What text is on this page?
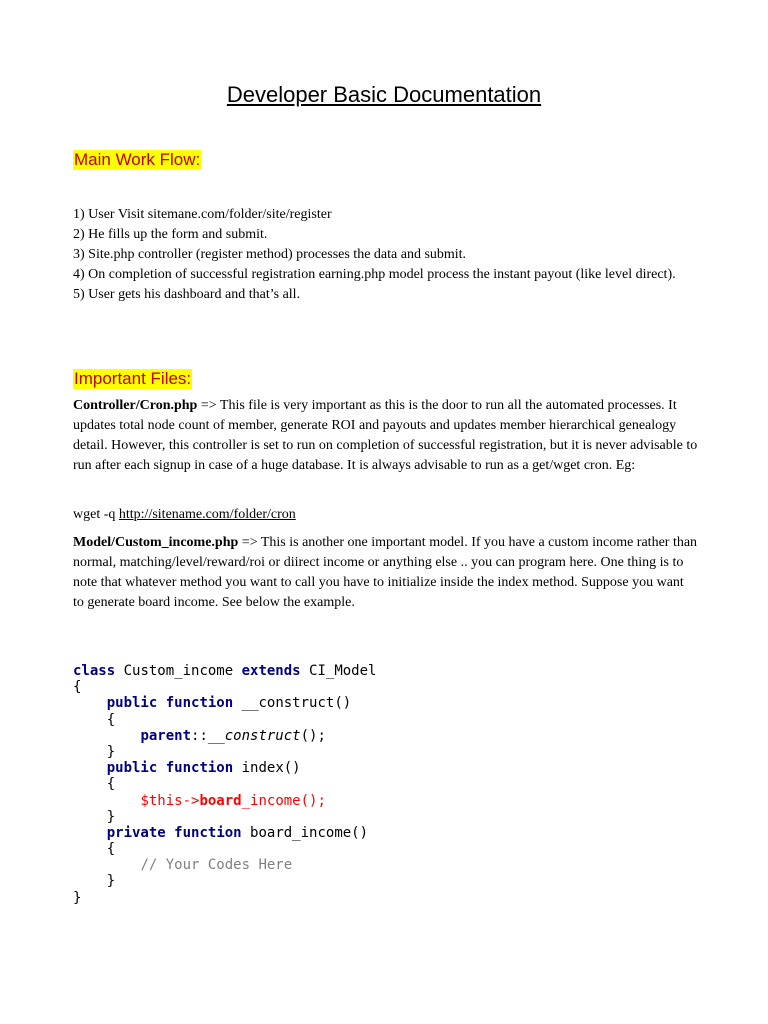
Developer Basic Documentation
Main Work Flow:
1) User Visit sitemane.com/folder/site/register
2) He fills up the form and submit.
3) Site.php controller (register method) processes the data and submit.
4) On completion of successful registration earning.php model process the instant payout (like level direct).
5) User gets his dashboard and that’s all.
Important Files:
Controller/Cron.php => This file is very important as this is the door to run all the automated processes. It updates total node count of member, generate ROI and payouts and updates member hierarchical genealogy detail. However, this controller is set to run on completion of successful registration, but it is never advisable to run after each signup in case of a huge database. It is always advisable to run as a get/wget cron. Eg:
wget -q http://sitename.com/folder/cron
Model/Custom_income.php => This is another one important model. If you have a custom income rather than normal, matching/level/reward/roi or diirect income or anything else .. you can program here. One thing is to note that whatever method you want to call you have to initialize inside the index method. Suppose you want to generate board income. See below the example.
class Custom_income extends CI_Model
{
public function __construct()
{
parent::__construct();
}
public function index()
{
$this->board_income();
}
private function board_income()
{
// Your Codes Here
}
}
